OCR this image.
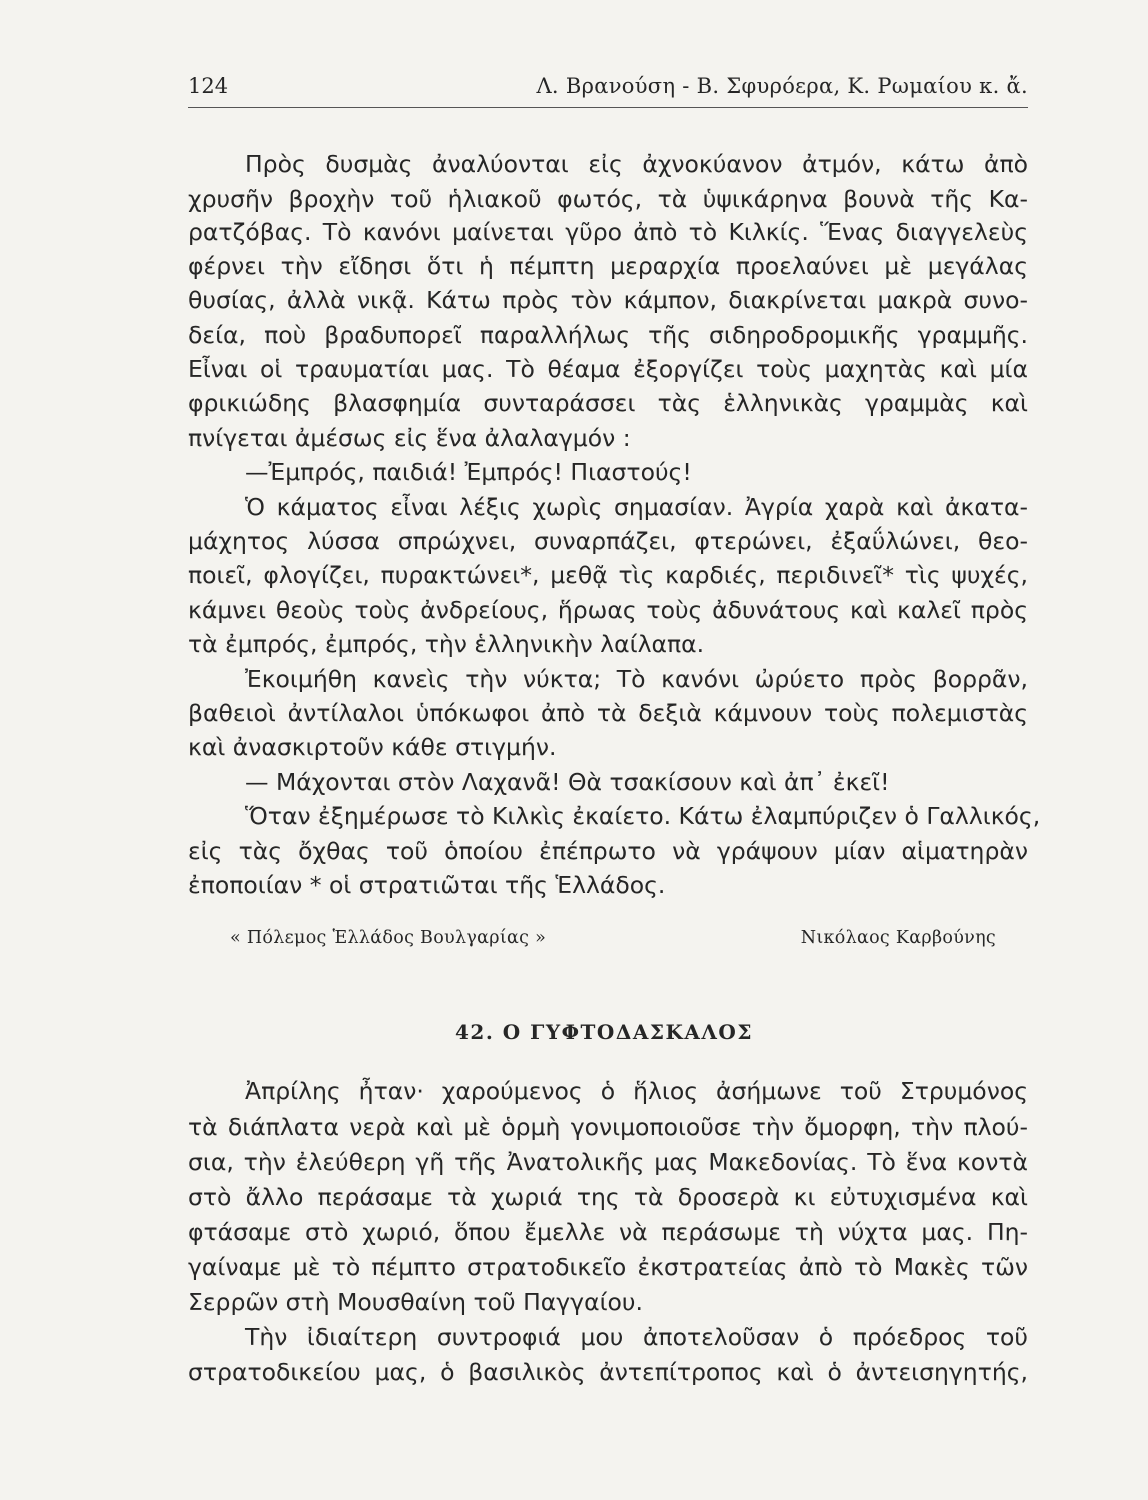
124	Λ. Βρανούση - Β. Σφυρόερα, Κ. Ρωμαίου κ. ἄ.
Πρὸς δυσμὰς ἀναλύονται εἰς ἀχνοκύανον ἀτμόν, κάτω ἀπὸ
χρυσῆν βροχὴν τοῦ ἡλιακοῦ φωτός, τὰ ὑψικάρηνα βουνὰ τῆς Κα-
ρατζόβας. Τὸ κανόνι μαίνεται γῦρο ἀπὸ τὸ Κιλκίς. Ἕνας διαγγελεὺς
φέρνει τὴν εἴδησι ὅτι ἡ πέμπτη μεραρχία προελαύνει μὲ μεγάλας
θυσίας, ἀλλὰ νικᾷ. Κάτω πρὸς τὸν κάμπον, διακρίνεται μακρὰ συνο-
δεία, ποὺ βραδυπορεῖ παραλλήλως τῆς σιδηροδρομικῆς γραμμῆς.
Εἶναι οἱ τραυματίαι μας. Τὸ θέαμα ἐξοργίζει τοὺς μαχητὰς καὶ μία
φρικιώδης βλασφημία συνταράσσει τὰς ἑλληνικὰς γραμμὰς καὶ
πνίγεται ἀμέσως εἰς ἕνα ἀλαλαγμόν :
—Ἐμπρός, παιδιά! Ἐμπρός! Πιαστούς!
Ὁ κάματος εἶναι λέξις χωρὶς σημασίαν. Ἀγρία χαρὰ καὶ ἀκατα-
μάχητος λύσσα σπρώχνει, συναρπάζει, φτερώνει, ἐξαΰλώνει, θεο-
ποιεῖ, φλογίζει, πυρακτώνει*, μεθᾷ τὶς καρδιές, περιδινεῖ* τὶς ψυχές,
κάμνει θεοὺς τοὺς ἀνδρείους, ἥρωας τοὺς ἀδυνάτους καὶ καλεῖ πρὸς
τὰ ἐμπρός, ἐμπρός, τὴν ἑλληνικὴν λαίλαπα.
Ἐκοιμήθη κανεὶς τὴν νύκτα; Τὸ κανόνι ὠρύετο πρὸς βορρᾶν,
βαθειοὶ ἀντίλαλοι ὑπόκωφοι ἀπὸ τὰ δεξιὰ κάμνουν τοὺς πολεμιστὰς
καὶ ἀνασκιρτοῦν κάθε στιγμήν.
— Μάχονται στὸν Λαχανᾶ! Θὰ τσακίσουν καὶ ἀπ᾿ ἐκεῖ!
Ὅταν ἐξημέρωσε τὸ Κιλκὶς ἐκαίετο. Κάτω ἐλαμπύριζεν ὁ Γαλλικός,
εἰς τὰς ὄχθας τοῦ ὁποίου ἐπέπρωτο νὰ γράψουν μίαν αἱματηρὰν
ἐποποιίαν * οἱ στρατιῶται τῆς Ἑλλάδος.
« Πόλεμος Ἑλλάδος Βουλγαρίας »	Νικόλαος Καρβούνης
42. Ο ΓΥΦΤΟΔΑΣΚΑΛΟΣ
Ἀπρίλης ἦταν· χαρούμενος ὁ ἥλιος ἀσήμωνε τοῦ Στρυμόνος
τὰ διάπλατα νερὰ καὶ μὲ ὁρμὴ γονιμοποιοῦσε τὴν ὄμορφη, τὴν πλού-
σια, τὴν ἐλεύθερη γῆ τῆς Ἀνατολικῆς μας Μακεδονίας. Τὸ ἕνα κοντὰ
στὸ ἄλλο περάσαμε τὰ χωριά της τὰ δροσερὰ κι εὐτυχισμένα καὶ
φτάσαμε στὸ χωριό, ὅπου ἔμελλε νὰ περάσωμε τὴ νύχτα μας. Πη-
γαίναμε μὲ τὸ πέμπτο στρατοδικεῖο ἐκστρατείας ἀπὸ τὸ Μακὲς τῶν
Σερρῶν στὴ Μουσθαίνη τοῦ Παγγαίου.
Τὴν ἰδιαίτερη συντροφιά μου ἀποτελοῦσαν ὁ πρόεδρος τοῦ
στρατοδικείου μας, ὁ βασιλικὸς ἀντεπίτροπος καὶ ὁ ἀντεισηγητής,
